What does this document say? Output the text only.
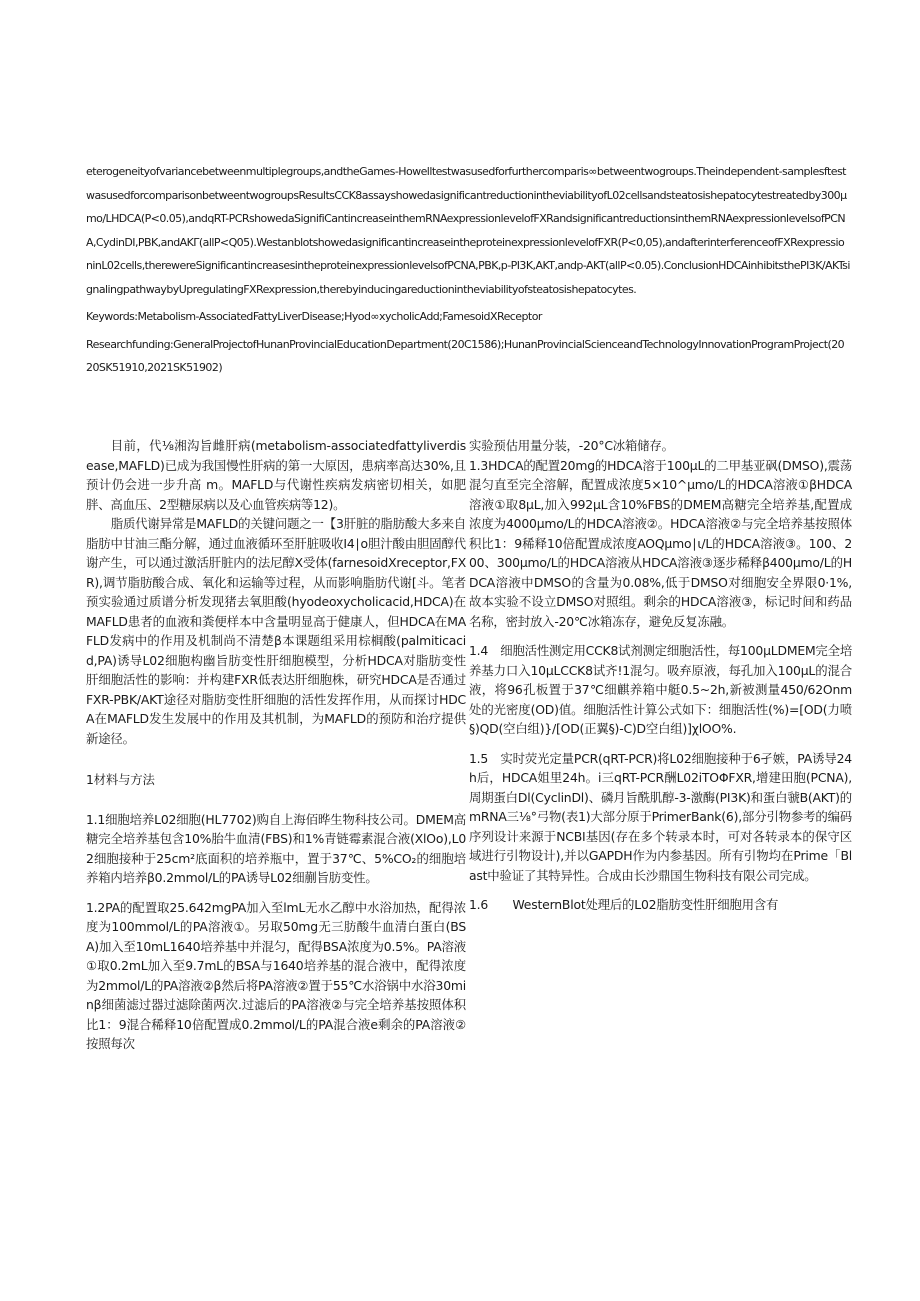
eterogeneityofvariancebetweenmultiplegroups,andtheGames-Howelltestwasusedforfurthercomparis∞betweentwogroups.Theindependent-samplesftestwasusedforcomparisonbetweentwogroupsResultsCCK8assayshowedasignificantreductionintheviabilityofL02cellsandsteatosishepatocytestreatedby300μmo∕LHDCA(P<0.05),andqRT-PCRshowedaSignifiCantincreaseinthemRNAexpressionlevelofFXRandsignificantreductionsinthemRNAexpressionlevelsofPCNA,CydinDI,PBK,andAKΓ(allP<Q05).WestanblotshowedasignificantincreaseintheproteinexpressionlevelofFXR(P<0,05),andafterinterferenceofFXRexpressioninL02cells,therewereSignificantincreasesintheproteinexpressionlevelsofPCNA,PBK,p-PI3K,AKT,andp-AKT(allP<0.05).ConclusionHDCAinhibitsthePI3K∕AKTsignalingpathwaybyUpregulatingFXRexpression,therebyinducingareductionintheviabilityofsteatosishepatocytes.

Keywords:Metabolism-AssociatedFattyLiverDisease;Hyod∞xycholicAdd;FamesoidXReceptor

Researchfunding:GeneralProjectofHunanProvincialEducationDepartment(20C1586);HunanProvincialScienceandTechnologyInnovationProgramProject(2020SK51910,2021SK51902)

目前，代⅛湘沟旨雌肝病(metabolism-associatedfattyliverdisease,MAFLD)已成为我国慢性肝病的第一大原因，患病率高达30%,且预计仍会进一步升高 m。MAFLD与代谢性疾病发病密切相关，如肥胖、高血压、2型糖尿病以及心血管疾病等12)。

脂质代谢异常是MAFLD的关键问题之一【3肝脏的脂肪酸大多来自脂肪中甘油三酯分解，通过血液循环至肝脏吸收Ι4∣o胆汁酸由胆固醇代谢产生，可以通过激活肝脏内的法尼醇X受体(farnesoidXreceptor,FXR),调节脂肪酸合成、氧化和运输等过程，从而影响脂肪代谢[斗。笔者预实验通过质谱分析发现猪去氧胆酸(hyodeoxycholicacid,HDCA)在MAFLD患者的血液和粪便样本中含量明显高于健康人，但HDCA在MAFLD发病中的作用及机制尚不清楚β本课题组采用棕榈酸(palmiticacid,PA)诱导L02细胞构幽旨肪变性肝细胞模型，分析HDCA对脂肪变性肝细胞活性的影响：并构建FXR低表达肝细胞株，研究HDCA是否通过FXR-PBK/AKT途径对脂肪变性肝细胞的活性发挥作用，从而探讨HDCA在MAFLD发生发展中的作用及其机制，为MAFLD的预防和治疗提供新途径。

1材料与方法

1.1细胞培养L02细胞(HL7702)购自上海佰晔生物科技公司。DMEM高糖完全培养基包含10%胎牛血清(FBS)和1%青链霉素混合液(XlOo),L02细胞接种于25cm²底面积的培养瓶中，置于37℃、5%CO₂的细胞培养箱内培养β0.2mmol/L的PA诱导L02细蒯旨肪变性。

1.2PA的配置取25.642mgPA加入至lmL无水乙醇中水浴加热，配得浓度为100mmol/L的PA溶液①。另取50mg无三肪酸牛血清白蛋白(BSA)加入至10mL1640培养基中并混匀，配得BSA浓度为0.5%。PA溶液①取0.2mL加入至9.7mL的BSA与1640培养基的混合液中，配得浓度为2mmol/L的PA溶液②β然后将PA溶液②置于55℃水浴锅中水浴30minβ细菌滤过器过滤除菌两次.过滤后的PA溶液②与完全培养基按照体积比1：9混合稀释10倍配置成0.2mmol/L的PA混合液e剩余的PA溶液②按照每次

实验预估用量分装，-20°C冰箱储存。

1.3HDCA的配置20mg的HDCA溶于100μL的二甲基亚砜(DMSO),震荡混匀直至完全溶解，配置成浓度5×10^μmo∕L的HDCA溶液①βHDCA溶液①取8μL,加入992μL含10%FBS的DMEM高糖完全培养基,配置成浓度为4000μmo∕L的HDCA溶液②。HDCA溶液②与完全培养基按照体积比1：9稀释10倍配置成浓度AOQμmo∣ι∕L的HDCA溶液③。100、200、300μmo∕L的HDCA溶液从HDCA溶液③逐步稀释β400μmo∕L的HDCA溶液中DMSO的含量为0.08%,低于DMSO对细胞安全界限0·1%,故本实验不设立DMSO对照组。剩余的HDCA溶液③，标记时间和药品名称，密封放入-20℃冰箱冻存，避免反复冻融。

1.4　细胞活性测定用CCK8试剂测定细胞活性，每100μLDMEM完全培养基力口入10μLCCK8试齐!1混匀。吸弃原液，每孔加入100μL的混合液，将96孔板置于37℃细麒养箱中艇0.5~2h,新被测量450/62Onm处的光密度(OD)值。细胞活性计算公式如下：细胞活性(%)=[OD(力喷§)QD(空白组)}∕[OD(正翼§)-C)D空白组)]χlOO%.

1.5　实时荧光定量PCR(qRT-PCR)将L02细胞接种于6孑嫉，PA诱导24h后，HDCA姐里24h。i三qRT-PCR酬L02iTOΦFXR,增建田胞(PCNA),周期蛋白Dl(CyclinDl)、磷月旨酰肌醇-3-激酶(PI3K)和蛋白虢B(AKT)的mRNA三⅛°弓物(表1)大部分原于PrimerBank(6),部分引物参考的编码序列设计来源于NCBI基因(存在多个转录本时，可对各转录本的保守区域进行引物设计),并以GAPDH作为内参基因。所有引物均在Prime「Blast中验证了其特异性。合成由长沙鼎国生物科技有限公司完成。

1.6　　WesternBlot处理后的L02脂肪变性肝细胞用含有
